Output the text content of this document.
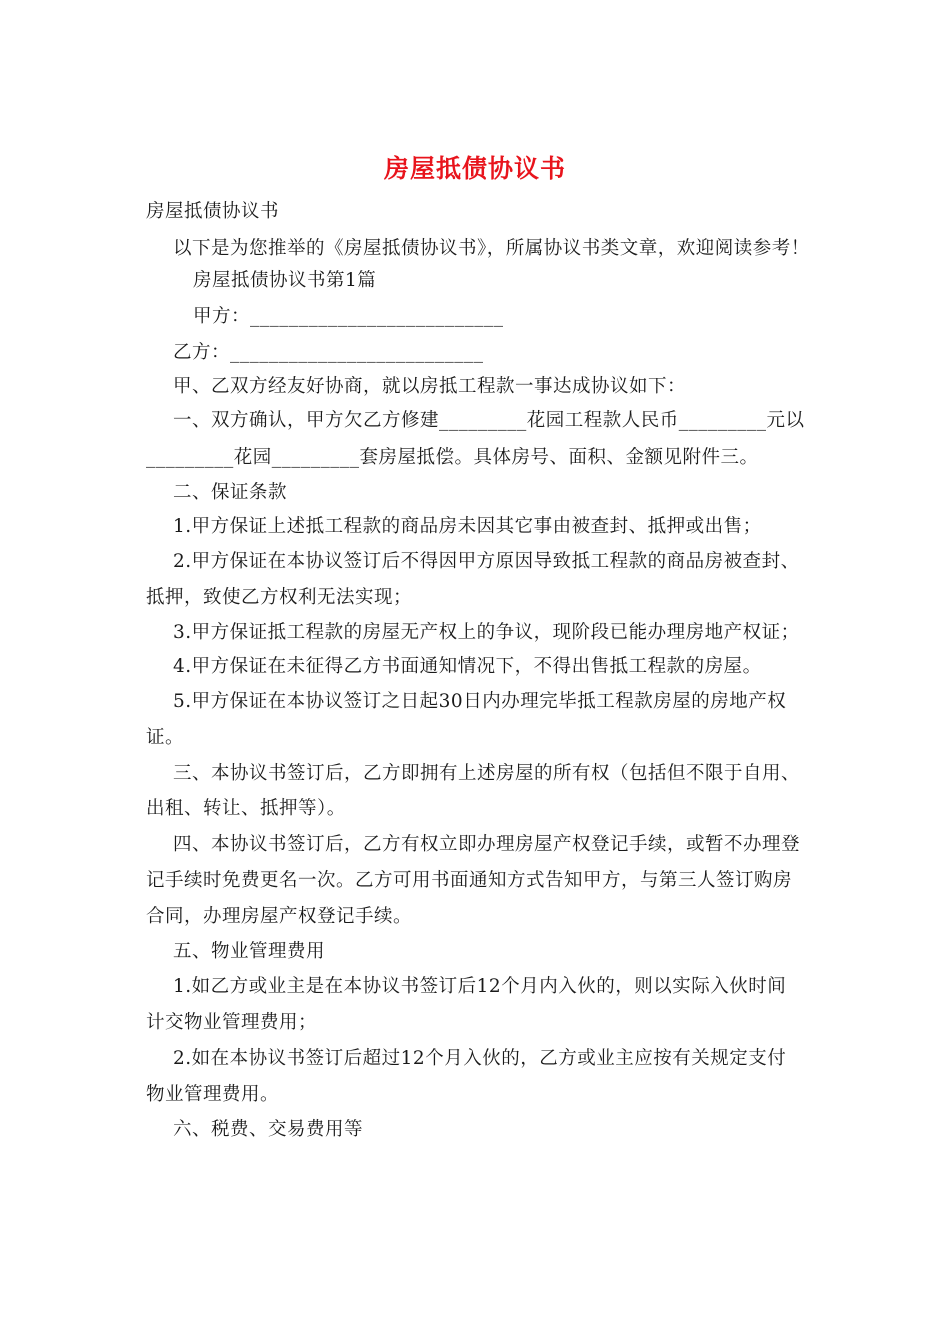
房屋抵债协议书
房屋抵债协议书
以下是为您推举的《房屋抵债协议书》，所属协议书类文章，欢迎阅读参考！
房屋抵债协议书第1篇
甲方：__________________________
乙方：__________________________
甲、乙双方经友好协商，就以房抵工程款一事达成协议如下：
一、双方确认，甲方欠乙方修建_________花园工程款人民币_________元以
_________花园_________套房屋抵偿。具体房号、面积、金额见附件三。
二、保证条款
1.甲方保证上述抵工程款的商品房未因其它事由被查封、抵押或出售；
2.甲方保证在本协议签订后不得因甲方原因导致抵工程款的商品房被查封、
抵押，致使乙方权利无法实现；
3.甲方保证抵工程款的房屋无产权上的争议，现阶段已能办理房地产权证；
4.甲方保证在未征得乙方书面通知情况下，不得出售抵工程款的房屋。
5.甲方保证在本协议签订之日起30日内办理完毕抵工程款房屋的房地产权
证。
三、本协议书签订后，乙方即拥有上述房屋的所有权（包括但不限于自用、
出租、转让、抵押等）。
四、本协议书签订后，乙方有权立即办理房屋产权登记手续，或暂不办理登
记手续时免费更名一次。乙方可用书面通知方式告知甲方，与第三人签订购房
合同，办理房屋产权登记手续。
五、物业管理费用
1.如乙方或业主是在本协议书签订后12个月内入伙的，则以实际入伙时间
计交物业管理费用；
2.如在本协议书签订后超过12个月入伙的，乙方或业主应按有关规定支付
物业管理费用。
六、税费、交易费用等
